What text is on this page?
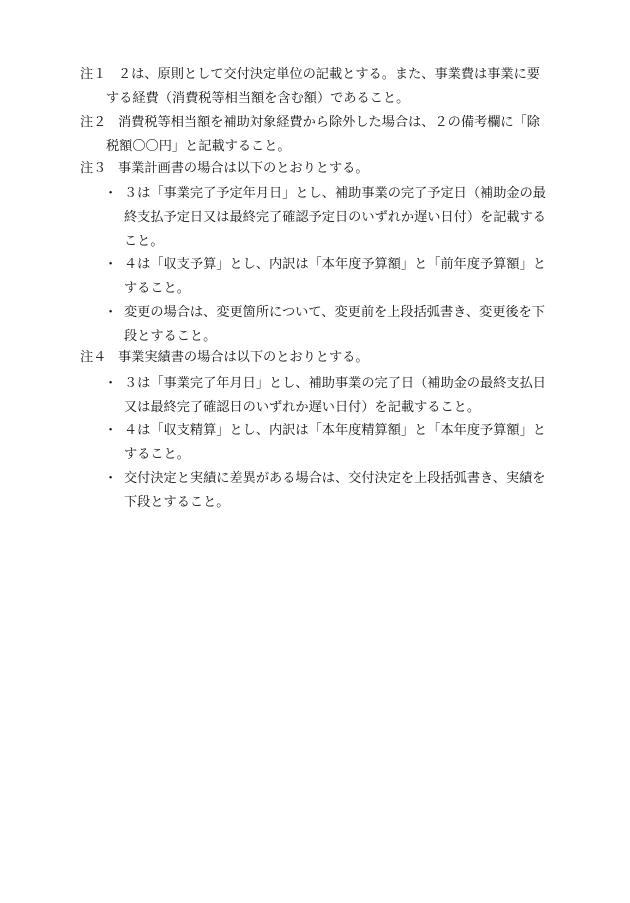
注１ ２は、原則として交付決定単位の記載とする。また、事業費は事業に要
する経費（消費税等相当額を含む額）であること。
注２ 消費税等相当額を補助対象経費から除外した場合は、２の備考欄に「除
税額〇〇円」と記載すること。
注３ 事業計画書の場合は以下のとおりとする。
・ ３は「事業完了予定年月日」とし、補助事業の完了予定日（補助金の最
終支払予定日又は最終完了確認予定日のいずれか遅い日付）を記載する
こと。
・ ４は「収支予算」とし、内訳は「本年度予算額」と「前年度予算額」と
すること。
・ 変更の場合は、変更箇所について、変更前を上段括弧書き、変更後を下
段とすること。
注４ 事業実績書の場合は以下のとおりとする。
・ ３は「事業完了年月日」とし、補助事業の完了日（補助金の最終支払日
又は最終完了確認日のいずれか遅い日付）を記載すること。
・ ４は「収支精算」とし、内訳は「本年度精算額」と「本年度予算額」と
すること。
・ 交付決定と実績に差異がある場合は、交付決定を上段括弧書き、実績を
下段とすること。
